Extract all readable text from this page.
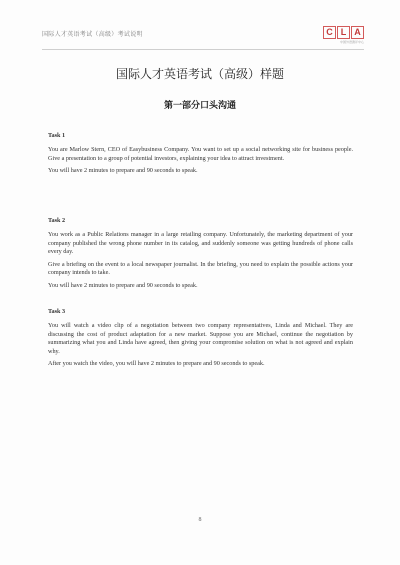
国际人才英语考试（高级）考试说明	C L A
中国外语测评中心
国际人才英语考试（高级）样题
第一部分口头沟通
Task 1

You are Marlow Stern, CEO of Easybusiness Company. You want to set up a social networking site for business people. Give a presentation to a group of potential investors, explaining your idea to attract investment.

You will have 2 minutes to prepare and 90 seconds to speak.

Task 2

You work as a Public Relations manager in a large retailing company. Unfortunately, the marketing department of your company published the wrong phone number in its catalog, and suddenly someone was getting hundreds of phone calls every day.

Give a briefing on the event to a local newspaper journalist. In the briefing, you need to explain the possible actions your company intends to take.

You will have 2 minutes to prepare and 90 seconds to speak.

Task 3

You will watch a video clip of a negotiation between two company representatives, Linda and Michael. They are discussing the cost of product adaptation for a new market. Suppose you are Michael, continue the negotiation by summarizing what you and Linda have agreed, then giving your compromise solution on what is not agreed and explain why.

After you watch the video, you will have 2 minutes to prepare and 90 seconds to speak.

8
